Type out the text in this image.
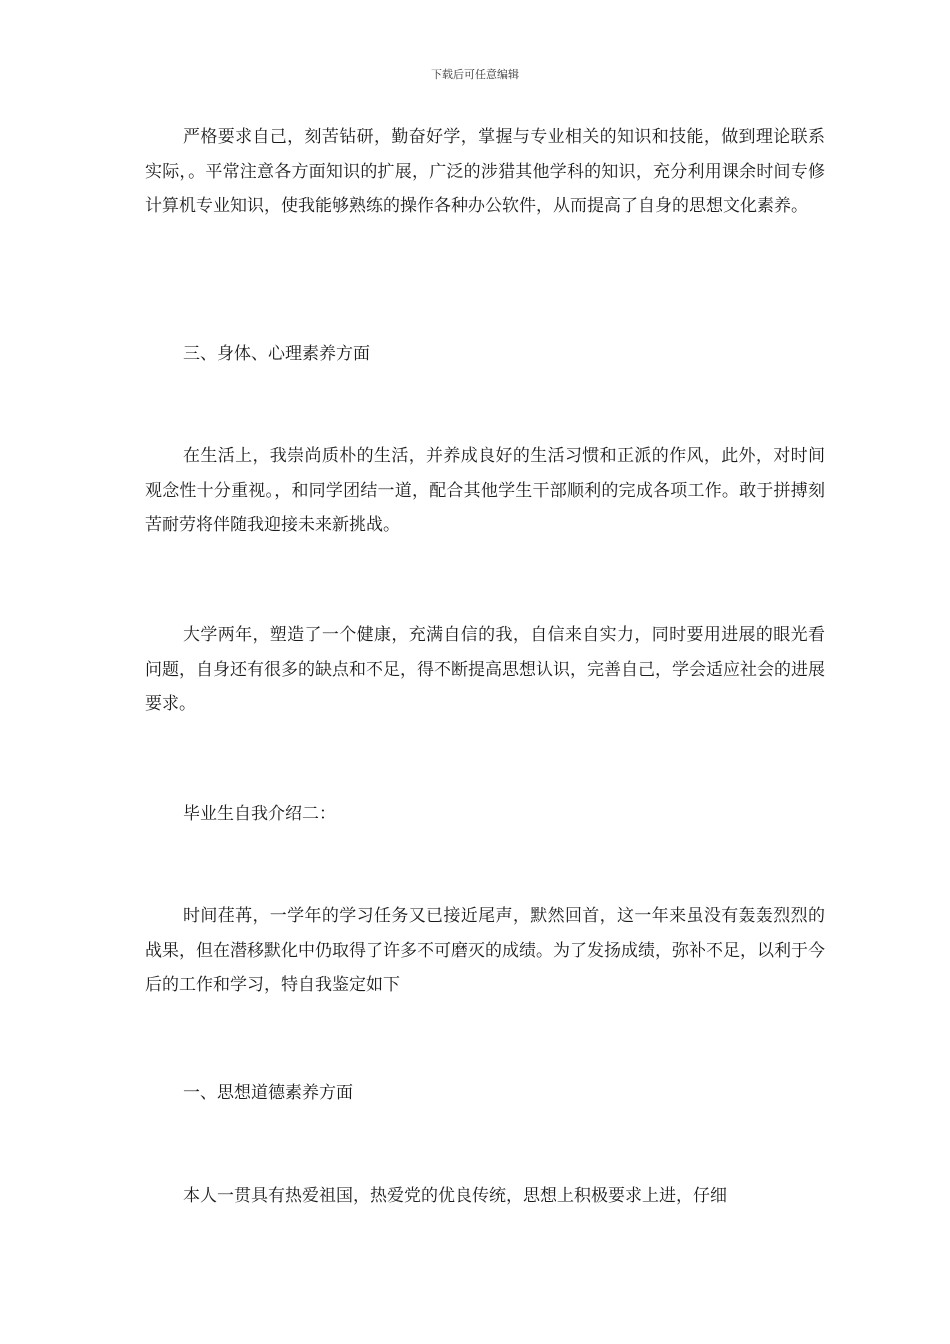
下载后可任意编辑

严格要求自己，刻苦钻研，勤奋好学，掌握与专业相关的知识和技能，做到理论联系实际，。平常注意各方面知识的扩展，广泛的涉猎其他学科的知识，充分利用课余时间专修计算机专业知识，使我能够熟练的操作各种办公软件，从而提高了自身的思想文化素养。

三、身体、心理素养方面

在生活上，我崇尚质朴的生活，并养成良好的生活习惯和正派的作风，此外，对时间观念性十分重视。，和同学团结一道，配合其他学生干部顺利的完成各项工作。敢于拼搏刻苦耐劳将伴随我迎接未来新挑战。

大学两年，塑造了一个健康，充满自信的我，自信来自实力，同时要用进展的眼光看问题，自身还有很多的缺点和不足，得不断提高思想认识，完善自己，学会适应社会的进展要求。

毕业生自我介绍二：

时间荏苒，一学年的学习任务又已接近尾声，默然回首，这一年来虽没有轰轰烈烈的战果，但在潜移默化中仍取得了许多不可磨灭的成绩。为了发扬成绩，弥补不足，以利于今后的工作和学习，特自我鉴定如下

一、思想道德素养方面

本人一贯具有热爱祖国，热爱党的优良传统，思想上积极要求上进，仔细
